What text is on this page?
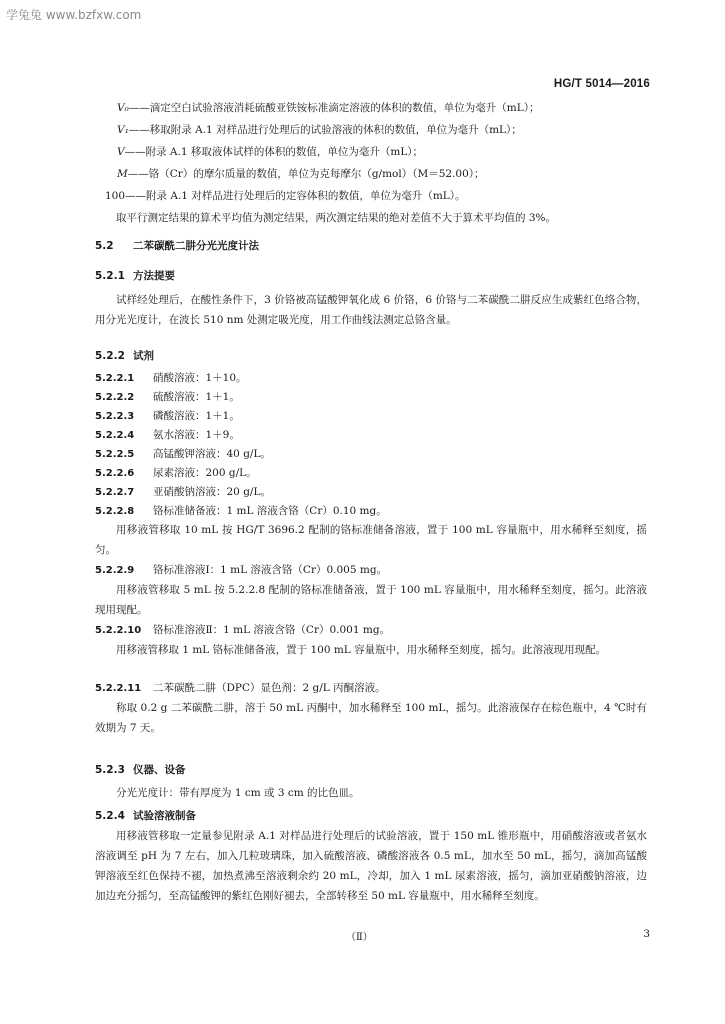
学兔兔 www.bzfxw.com
HG/T 5014—2016
V₀——滴定空白试验溶液消耗硫酸亚铁铵标准滴定溶液的体积的数值，单位为毫升（mL）；
V₁——移取附录 A.1 对样品进行处理后的试验溶液的体积的数值，单位为毫升（mL）；
V——附录 A.1 移取液体试样的体积的数值，单位为毫升（mL）；
M——铬（Cr）的摩尔质量的数值，单位为克每摩尔（g/mol）（M＝52.00）；
100——附录 A.1 对样品进行处理后的定容体积的数值，单位为毫升（mL）。
取平行测定结果的算术平均值为测定结果，两次测定结果的绝对差值不大于算术平均值的 3%。
5.2 二苯碳酰二肼分光光度计法
5.2.1 方法提要
试样经处理后，在酸性条件下，3 价铬被高锰酸钾氧化成 6 价铬，6 价铬与二苯碳酰二肼反应生成紫红色络合物，用分光光度计，在波长 510 nm 处测定吸光度，用工作曲线法测定总铬含量。
5.2.2 试剂
5.2.2.1 硝酸溶液：1＋10。
5.2.2.2 硫酸溶液：1＋1。
5.2.2.3 磷酸溶液：1＋1。
5.2.2.4 氨水溶液：1＋9。
5.2.2.5 高锰酸钾溶液：40 g/L。
5.2.2.6 尿素溶液：200 g/L。
5.2.2.7 亚硝酸钠溶液：20 g/L。
5.2.2.8 铬标准储备液：1 mL 溶液含铬（Cr）0.10 mg。
用移液管移取 10 mL 按 HG/T 3696.2 配制的铬标准储备溶液，置于 100 mL 容量瓶中，用水稀释至刻度，摇匀。
5.2.2.9 铬标准溶液Ⅰ：1 mL 溶液含铬（Cr）0.005 mg。
用移液管移取 5 mL 按 5.2.2.8 配制的铬标准储备液，置于 100 mL 容量瓶中，用水稀释至刻度，摇匀。此溶液现用现配。
5.2.2.10 铬标准溶液Ⅱ：1 mL 溶液含铬（Cr）0.001 mg。
用移液管移取 1 mL 铬标准储备液，置于 100 mL 容量瓶中，用水稀释至刻度，摇匀。此溶液现用现配。
5.2.2.11 二苯碳酰二肼（DPC）显色剂：2 g/L 丙酮溶液。
称取 0.2 g 二苯碳酰二肼，溶于 50 mL 丙酮中，加水稀释至 100 mL，摇匀。此溶液保存在棕色瓶中，4 ℃时有效期为 7 天。
5.2.3 仪器、设备
分光光度计：带有厚度为 1 cm 或 3 cm 的比色皿。
5.2.4 试验溶液制备
用移液管移取一定量参见附录 A.1 对样品进行处理后的试验溶液，置于 150 mL 锥形瓶中，用硝酸溶液或者氨水溶液调至 pH 为 7 左右，加入几粒玻璃珠，加入硫酸溶液、磷酸溶液各 0.5 mL，加水至 50 mL，摇匀，滴加高锰酸钾溶液至红色保持不褪，加热煮沸至溶液剩余约 20 mL，冷却，加入 1 mL 尿素溶液，摇匀，滴加亚硝酸钠溶液，边加边充分摇匀，至高锰酸钾的紫红色刚好褪去，全部转移至 50 mL 容量瓶中，用水稀释至刻度。
（Ⅱ）	3
